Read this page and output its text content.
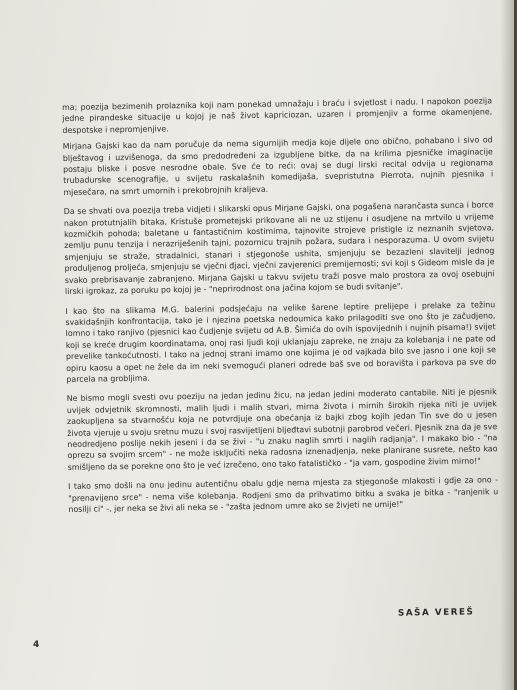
ma; poezija bezimenih prolaznika koji nam ponekad umnažaju i braću i svjetlost i nadu. I napokon poezija jedne pirandeske situacije u kojoj je naš život kapriciozan, uzaren i promjenjiv a forme okamenjene, despotske i nepromjenjive.

Mirjana Gajski kao da nam poručuje da nema sigurnijih medja koje dijele ono obično, pohabano i sivo od blještavog i uzvišenoga, da smo predodređeni za izgubljene bitke, da na krilima pjesničke imaginacije postaju bliske i posve nesrodne obale. Sve će to reći: ovaj se dugi lirski recital odvija u regionama trubadurske scenografije, u svijetu raskalašnih komedijaša, svepristutna Pierrota, nujnih pjesnika i mjesečara, na smrt umornih i prekobrojnih kraljeva.

Da se shvati ova poezija treba vidjeti i slikarski opus Mirjane Gajski, ona pogašena narančasta sunca i borce nakon protutnjalih bitaka, Kristuše prometejski prikovane ali ne uz stijenu i osudjene na mrtvilo u vrijeme kozmičkih pohoda; baletane u fantastičnim kostimima, tajnovite strojeve pristigle iz neznanih svjetova, zemlju punu tenzija i nerazriješenih tajni, pozornicu trajnih požara, sudara i nesporazuma. U ovom svijetu smjenjuju se straže, stradalnici, stanari i stjegonoše ushita, smjenjuju se bezazleni slavitelji jednog produljenog proljeća, smjenjuju se vječni đjaci, vječni zavjerenici premijernosti; svi koji s Gideom misle da je svako prebrisavanje zabranjeno. Mirjana Gajski u takvu svijetu traži posve malo prostora za ovoj osebujni lirski igrokaz, za poruku po kojoj je - "neprirodnost ona jačina kojom se budi svitanje".

I kao što na slikama M.G. balerini podsjećaju na velike šarene leptire prelijepe i prelake za težinu svakidašnjih konfrontacija, tako je i njezina poetska nedoumica kako prilagoditi sve ono što je začudjeno, lomno i tako ranjivo (pjesnici kao čudjenje svijetu od A.B. Šimića do ovih ispovijednih i nujnih pisama!) svijet koji se kreće drugim koordinatama, onoj rasi ljudi koji uklanjaju zapreke, ne znaju za kolebanja i ne pate od prevelike tankoćutnosti. I tako na jednoj strani imamo one kojima je od vajkada bilo sve jasno i one koji se opiru kaosu a opet ne žele da im neki svemogući planeri odrede baš sve od boravišta i parkova pa sve do parcela na grobljima.

Ne bismo mogli svesti ovu poeziju na jedan jedinu žicu, na jedan jedini moderato cantabile. Niti je pjesnik uvijek odvjetnik skromnosti, malih ljudi i malih stvari, mirna života i mirnih širokih rijeka niti je uvijek zaokupljena sa stvarnošću koja ne potvrdjuje ona obećanja iz bajki zbog kojih jedan Tin sve do u jesen života vjeruje u svoju sretnu muzu i svoj rasvijetljeni bljeđtavi subotnji parobrod večeri. Pjesnik zna da je sve neodredjeno poslije nekih jeseni i da se živi - "u znaku naglih smrti i naglih radjanja". I makako bio - "na oprezu sa svojim srcem" - ne može isključiti neka radosna iznenadjenja, neke planirane susrete, nešto kao smišljeno da se porekne ono što je već izrečeno, ono tako fatalističko - "ja vam, gospodine živim mirno!"

I tako smo došli na onu jedinu autentičnu obalu gdje nema mjesta za stjegonoše mlakosti i gdje za ono - "prenavijeno srce" - nema više kolebanja. Rodjeni smo da prihvatimo bitku a svaka je bitka - "ranjenik u nosilji ci" -, jer neka se živi ali neka se - "zašta jednom umre ako se živjeti ne umije!"

SAŠA VEREŠ
4
